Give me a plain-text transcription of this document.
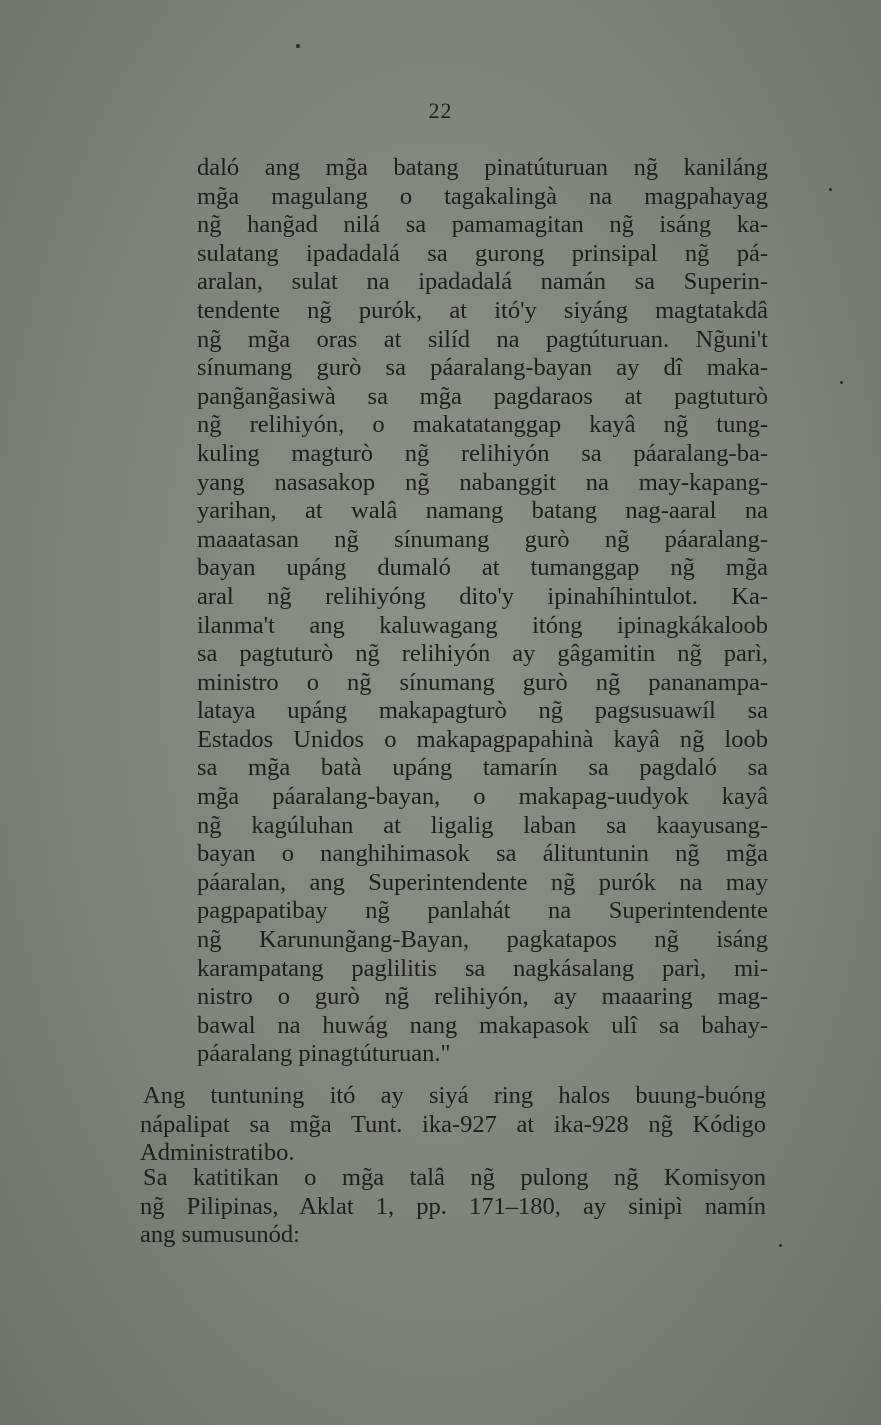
22
daló ang mg̃a batang pinatúturuan ng̃ kaniláng
mg̃a magulang o tagakalingà na magpahayag
ng̃ hang̃ad nilá sa pamamagitan ng̃ isáng ka-
sulatang ipadadalá sa gurong prinsipal ng̃ pá-
aralan, sulat na ipadadalá namán sa Superin-
tendente ng̃ purók, at itó'y siyáng magtatakdâ
ng̃ mg̃a oras at silíd na pagtúturuan. Ng̃uni't
sínumang gurò sa páaralang-bayan ay dî maka-
pang̃ang̃asiwà sa mg̃a pagdaraos at pagtuturò
ng̃ relihiyón, o makatatanggap kayâ ng̃ tung-
kuling magturò ng̃ relihiyón sa páaralang-ba-
yang nasasakop ng̃ nabanggit na may-kapang-
yarihan, at walâ namang batang nag-aaral na
maaatasan ng̃ sínumang gurò ng̃ páaralang-
bayan upáng dumaló at tumanggap ng̃ mg̃a
aral ng̃ relihiyóng dito'y ipinahíhintulot. Ka-
ilanma't ang kaluwagang itóng ipinagkákaloob
sa pagtuturò ng̃ relihiyón ay gâgamitin ng̃ parì,
ministro o ng̃ sínumang gurò ng̃ pananampa-
lataya upáng makapagturò ng̃ pagsusuawíl sa
Estados Unidos o makapagpapahinà kayâ ng̃ loob
sa mg̃a batà upáng tamarín sa pagdaló sa
mg̃a páaralang-bayan, o makapag-uudyok kayâ
ng̃ kagúluhan at ligalig laban sa kaayusang-
bayan o nanghihimasok sa álituntunin ng̃ mg̃a
páaralan, ang Superintendente ng̃ purók na may
pagpapatibay ng̃ panlahát na Superintendente
ng̃ Karunung̃ang-Bayan, pagkatapos ng̃ isáng
karampatang paglilitis sa nagkásalang parì, mi-
nistro o gurò ng̃ relihiyón, ay maaaring mag-
bawal na huwág nang makapasok ulî sa bahay-
páaralang pinagtúturuan."
Ang tuntuning itó ay siyá ring halos buung-buóng
nápalipat sa mg̃a Tunt. ika-927 at ika-928 ng̃ Kódigo
Administratibo.
Sa katitikan o mg̃a talâ ng̃ pulong ng̃ Komisyon
ng̃ Pilipinas, Aklat 1, pp. 171–180, ay sinipì namín
ang sumusunód:
